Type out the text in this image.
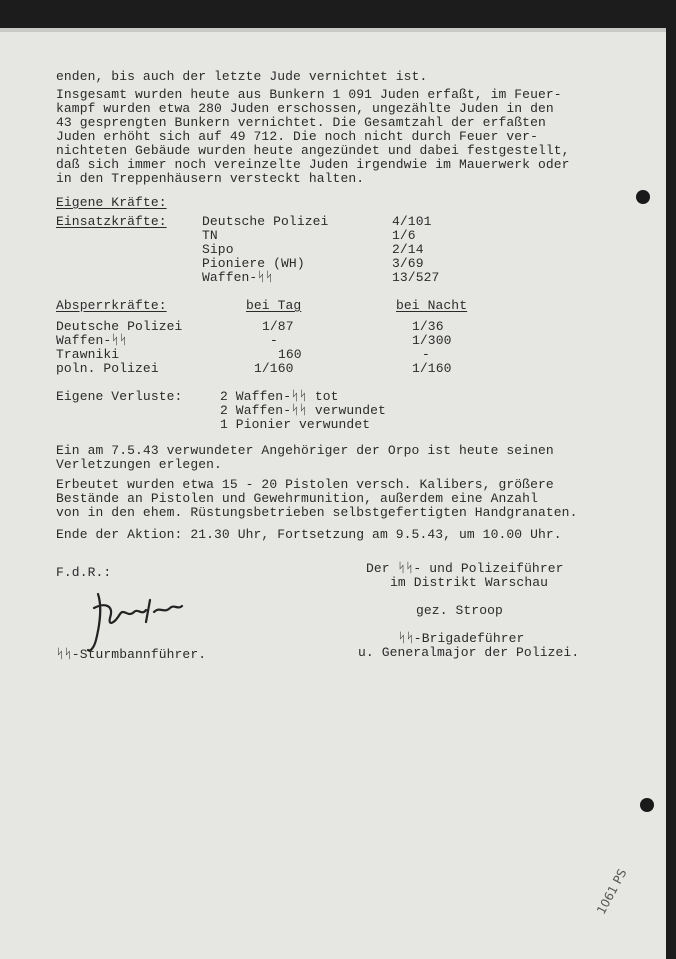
enden, bis auch der letzte Jude vernichtet ist.
Insgesamt wurden heute aus Bunkern 1 091 Juden erfaßt, im Feuer-
kampf wurden etwa 280 Juden erschossen, ungezählte Juden in den
43 gesprengten Bunkern vernichtet. Die Gesamtzahl der erfaßten
Juden erhöht sich auf 49 712. Die noch nicht durch Feuer ver-
nichteten Gebäude wurden heute angezündet und dabei festgestellt,
daß sich immer noch vereinzelte Juden irgendwie im Mauerwerk oder
in den Treppenhäusern versteckt halten.
Eigene Kräfte:
Einsatzkräfte:	Deutsche Polizei	4/101
TN	1/6
Sipo	2/14
Pioniere (WH)	3/69
Waffen-ᛋᛋ	13/527
Absperrkräfte:	bei Tag	bei Nacht
Deutsche Polizei	1/87	1/36
Waffen-ᛋᛋ	-	1/300
Trawniki	160	-
poln. Polizei	1/160	1/160
Eigene Verluste:	2 Waffen-ᛋᛋ tot
2 Waffen-ᛋᛋ verwundet
1 Pionier verwundet
Ein am 7.5.43 verwundeter Angehöriger der Orpo ist heute seinen
Verletzungen erlegen.
Erbeutet wurden etwa 15 - 20 Pistolen versch. Kalibers, größere
Bestände an Pistolen und Gewehrmunition, außerdem eine Anzahl
von in den ehem. Rüstungsbetrieben selbstgefertigten Handgranaten.
Ende der Aktion: 21.30 Uhr, Fortsetzung am 9.5.43, um 10.00 Uhr.
F.d.R.:
ᛋᛋ-Sturmbannführer.
Der ᛋᛋ- und Polizeiführer
im Distrikt Warschau
gez. Stroop
ᛋᛋ-Brigadeführer
u. Generalmajor der Polizei.
1061 PS
